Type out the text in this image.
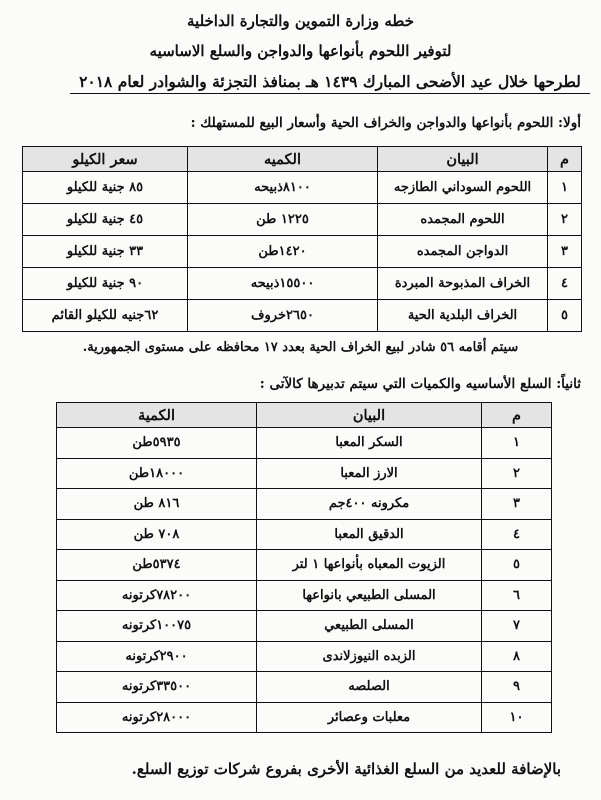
خطه وزارة التموين والتجارة الداخلية
لتوفير اللحوم بأنواعها والدواجن والسلع الاساسيه
لطرحها خلال عيد الأضحى المبارك ١٤٣٩ هـ بمنافذ التجزئة والشوادر لعام ٢٠١٨
أولا: اللحوم بأنواعها والدواجن والخراف الحية وأسعار البيع للمستهلك :
م	البيان	الكميه	سعر الكيلو
١	اللحوم السوداني الطازجه	٨١٠٠ذبيحه	٨٥ جنية للكيلو
٢	اللحوم المجمده	١٢٢٥ طن	٤٥ جنية للكيلو
٣	الدواجن المجمده	١٤٢٠طن	٣٣ جنية للكيلو
٤	الخراف المذبوحة المبردة	١٥٥٠٠ذبيحه	٩٠ جنية للكيلو
٥	الخراف البلدية الحية	٢٦٥٠خروف	٦٢جنيه للكيلو القائم
سيتم أقامه ٥٦ شادر لبيع الخراف الحية بعدد ١٧ محافظه على مستوى الجمهورية.
ثانياً: السلع الأساسيه والكميات التي سيتم تدبيرها كالآتى :
م	البيان	الكمية
١	السكر المعبا	٥٩٣٥طن
٢	الارز المعبا	١٨٠٠٠طن
٣	مكرونه ٤٠٠جم	٨١٦ طن
٤	الدقيق المعبا	٧٠٨ طن
٥	الزيوت المعباه بأنواعها ١ لتر	٥٣٧٤طن
٦	المسلى الطبيعي بانواعها	٧٨٢٠٠كرتونه
٧	المسلى الطبيعي	١٠٠٧٥كرتونه
٨	الزبده النيوزلاندى	٢٩٠٠كرتونه
٩	الصلصه	٣٣٥٠٠كرتونه
١٠	معلبات وعصائر	٢٨٠٠٠كرتونه
بالإضافة للعديد من السلع الغذائية الأخرى بفروع شركات توزيع السلع.
